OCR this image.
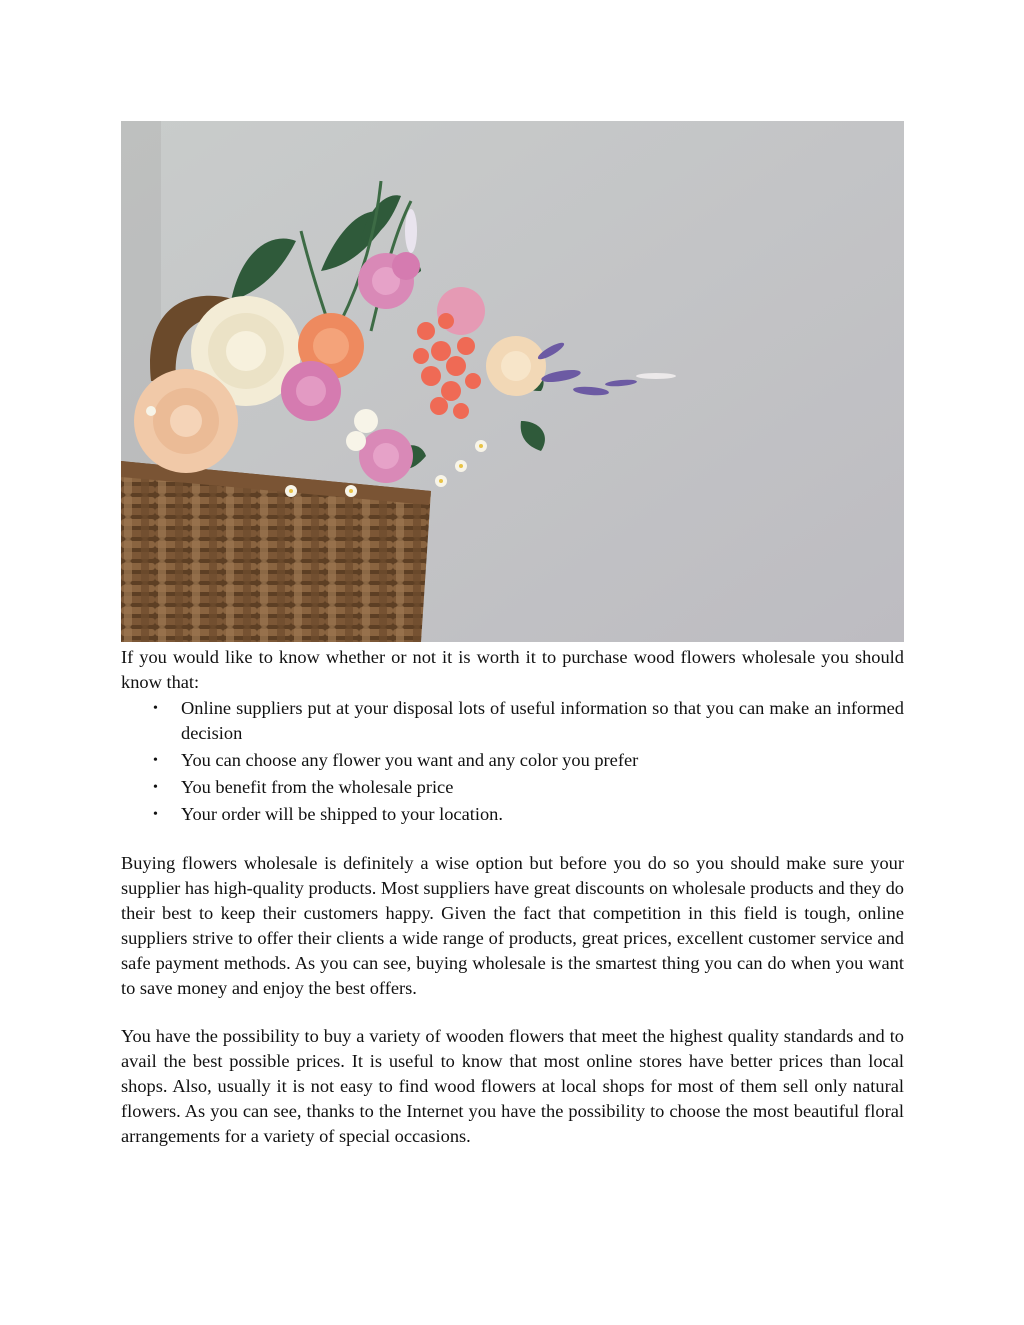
If you would like to know whether or not it is worth it to purchase wood flowers wholesale you should know that:

• Online suppliers put at your disposal lots of useful information so that you can make an informed decision
• You can choose any flower you want and any color you prefer
• You benefit from the wholesale price
• Your order will be shipped to your location.

Buying flowers wholesale is definitely a wise option but before you do so you should make sure your supplier has high-quality products. Most suppliers have great discounts on wholesale products and they do their best to keep their customers happy. Given the fact that competition in this field is tough, online suppliers strive to offer their clients a wide range of products, great prices, excellent customer service and safe payment methods. As you can see, buying wholesale is the smartest thing you can do when you want to save money and enjoy the best offers.

You have the possibility to buy a variety of wooden flowers that meet the highest quality standards and to avail the best possible prices. It is useful to know that most online stores have better prices than local shops. Also, usually it is not easy to find wood flowers at local shops for most of them sell only natural flowers. As you can see, thanks to the Internet you have the possibility to choose the most beautiful floral arrangements for a variety of special occasions.
